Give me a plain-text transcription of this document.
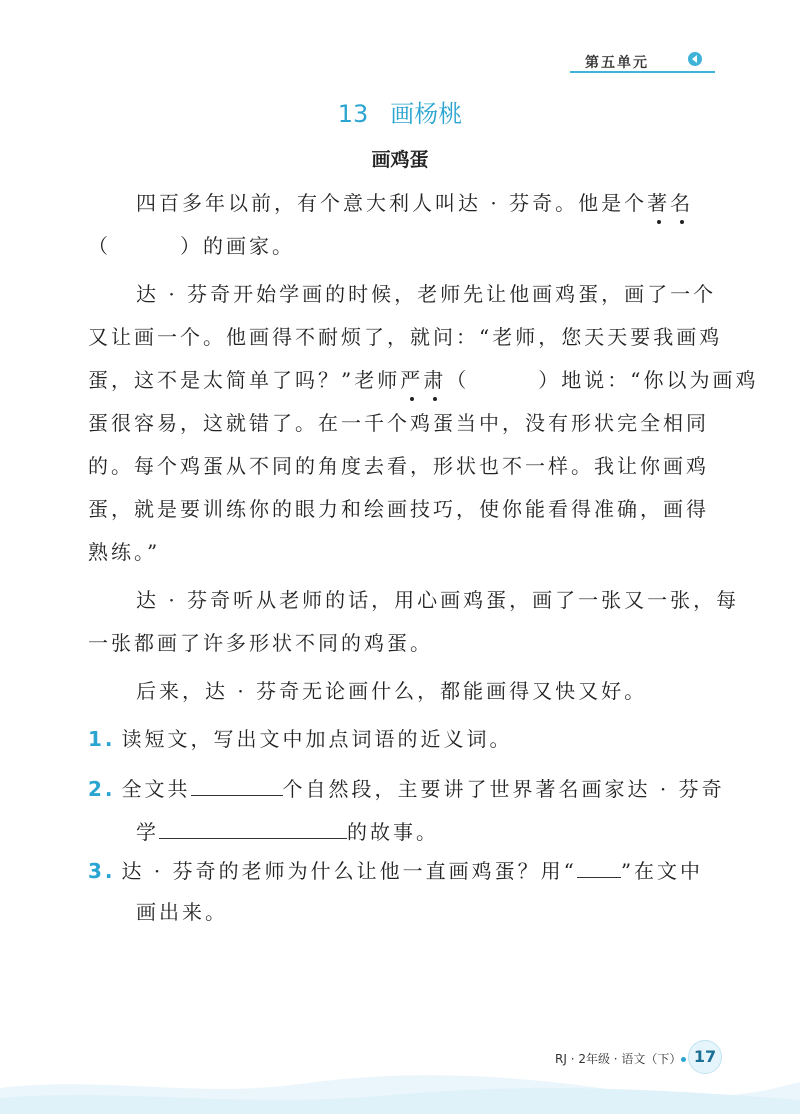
第五单元
13 画杨桃
画鸡蛋
四百多年以前，有个意大利人叫达 · 芬奇。他是个著名
（　　　）的画家。
达 · 芬奇开始学画的时候，老师先让他画鸡蛋，画了一个
又让画一个。他画得不耐烦了，就问：“老师，您天天要我画鸡
蛋，这不是太简单了吗？”老师严肃（　　　）地说：“你以为画鸡
蛋很容易，这就错了。在一千个鸡蛋当中，没有形状完全相同
的。每个鸡蛋从不同的角度去看，形状也不一样。我让你画鸡
蛋，就是要训练你的眼力和绘画技巧，使你能看得准确，画得
熟练。”
达 · 芬奇听从老师的话，用心画鸡蛋，画了一张又一张，每
一张都画了许多形状不同的鸡蛋。
后来，达 · 芬奇无论画什么，都能画得又快又好。
1. 读短文，写出文中加点词语的近义词。
2. 全文共	个自然段，主要讲了世界著名画家达 · 芬奇
学	的故事。
3. 达 · 芬奇的老师为什么让他一直画鸡蛋？用“ ”在文中
画出来。
RJ · 2年级 · 语文（下） 17
